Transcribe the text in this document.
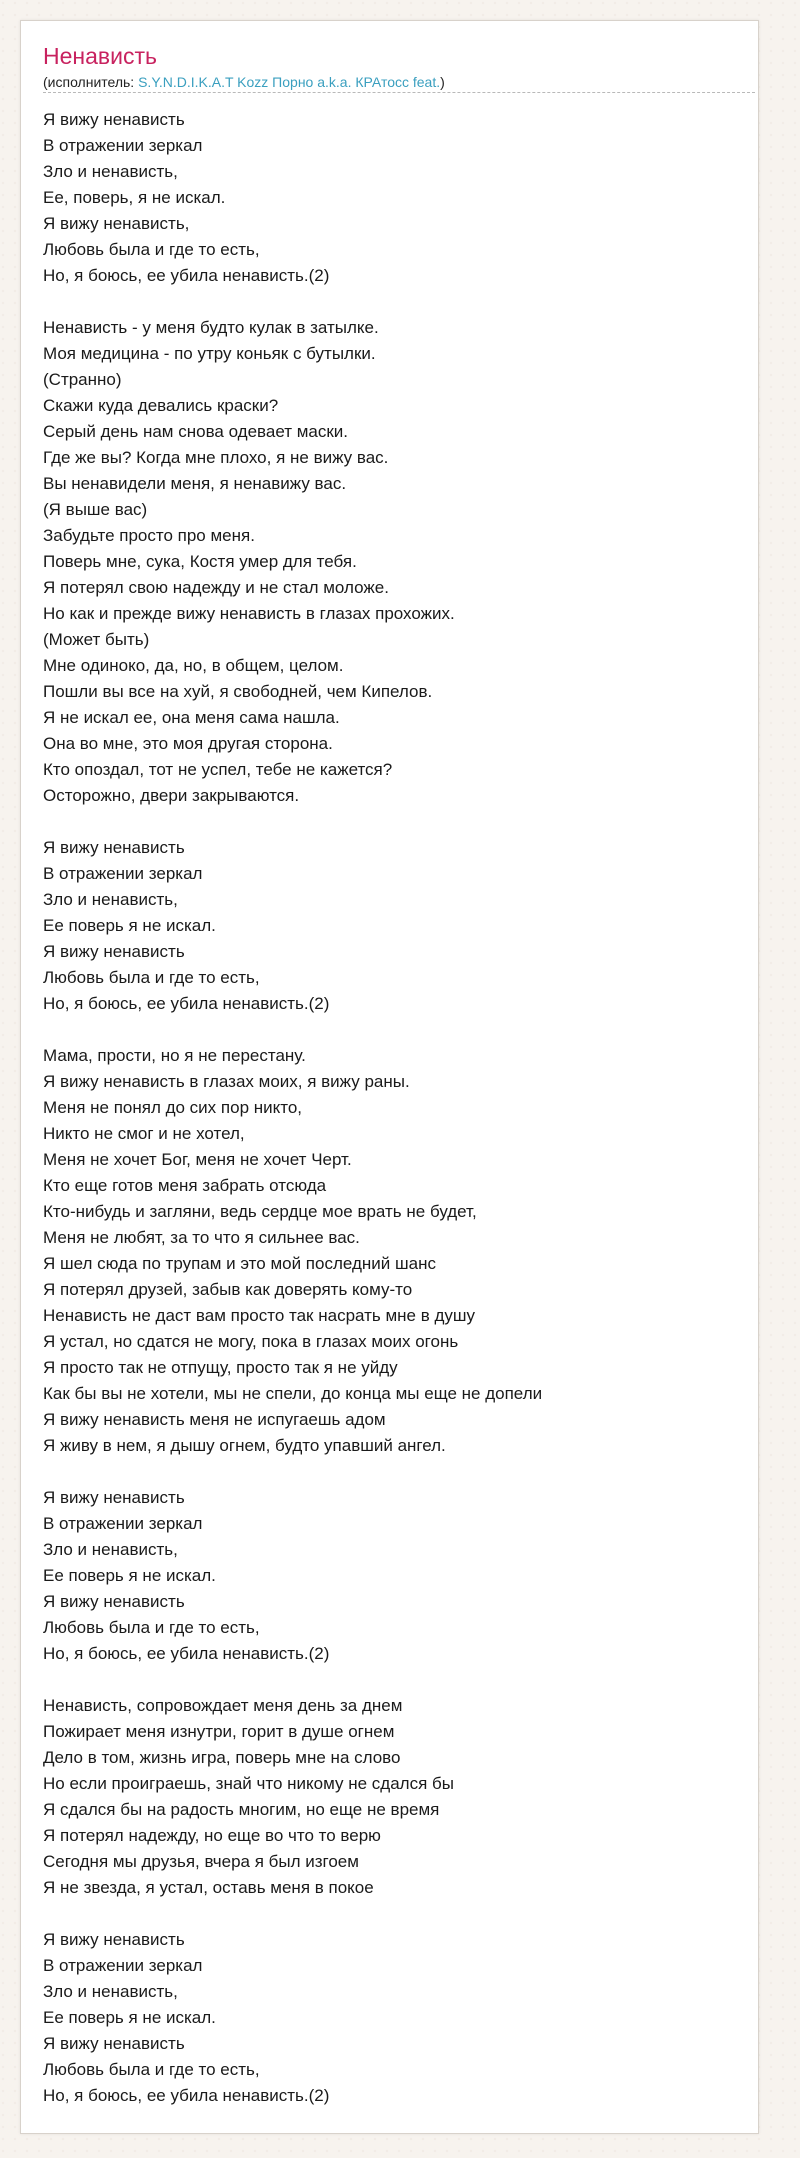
Ненависть
(исполнитель: S.Y.N.D.I.K.A.T Kozz Порно a.k.a. КРАтосс feat.)
Я вижу ненависть
В отражении зеркал
Зло и ненависть,
Ее, поверь, я не искал.
Я вижу ненависть,
Любовь была и где то есть,
Но, я боюсь, ее убила ненависть.(2)
Ненависть - у меня будто кулак в затылке.
Моя медицина - по утру коньяк с бутылки.
(Странно)
Скажи куда девались краски?
Серый день нам снова одевает маски.
Где же вы? Когда мне плохо, я не вижу вас.
Вы ненавидели меня, я ненавижу вас.
(Я выше вас)
Забудьте просто про меня.
Поверь мне, сука, Костя умер для тебя.
Я потерял свою надежду и не стал моложе.
Но как и прежде вижу ненависть в глазах прохожих.
(Может быть)
Мне одиноко, да, но, в общем, целом.
Пошли вы все на хуй, я свободней, чем Кипелов.
Я не искал ее, она меня сама нашла.
Она во мне, это моя другая сторона.
Кто опоздал, тот не успел, тебе не кажется?
Осторожно, двери закрываются.
Я вижу ненависть
В отражении зеркал
Зло и ненависть,
Ее поверь я не искал.
Я вижу ненависть
Любовь была и где то есть,
Но, я боюсь, ее убила ненависть.(2)
Мама, прости, но я не перестану.
Я вижу ненависть в глазах моих, я вижу раны.
Меня не понял до сих пор никто,
Никто не смог и не хотел,
Меня не хочет Бог, меня не хочет Черт.
Кто еще готов меня забрать отсюда
Кто-нибудь и загляни, ведь сердце мое врать не будет,
Меня не любят, за то что я сильнее вас.
Я шел сюда по трупам и это мой последний шанс
Я потерял друзей, забыв как доверять кому-то
Ненависть не даст вам просто так насрать мне в душу
Я устал, но сдатся не могу, пока в глазах моих огонь
Я просто так не отпущу, просто так я не уйду
Как бы вы не хотели, мы не спели, до конца мы еще не допели
Я вижу ненависть меня не испугаешь адом
Я живу в нем, я дышу огнем, будто упавший ангел.
Я вижу ненависть
В отражении зеркал
Зло и ненависть,
Ее поверь я не искал.
Я вижу ненависть
Любовь была и где то есть,
Но, я боюсь, ее убила ненависть.(2)
Ненависть, сопровождает меня день за днем
Пожирает меня изнутри, горит в душе огнем
Дело в том, жизнь игра, поверь мне на слово
Но если проиграешь, знай что никому не сдался бы
Я сдался бы на радость многим, но еще не время
Я потерял надежду, но еще во что то верю
Сегодня мы друзья, вчера я был изгоем
Я не звезда, я устал, оставь меня в покое
Я вижу ненависть
В отражении зеркал
Зло и ненависть,
Ее поверь я не искал.
Я вижу ненависть
Любовь была и где то есть,
Но, я боюсь, ее убила ненависть.(2)
